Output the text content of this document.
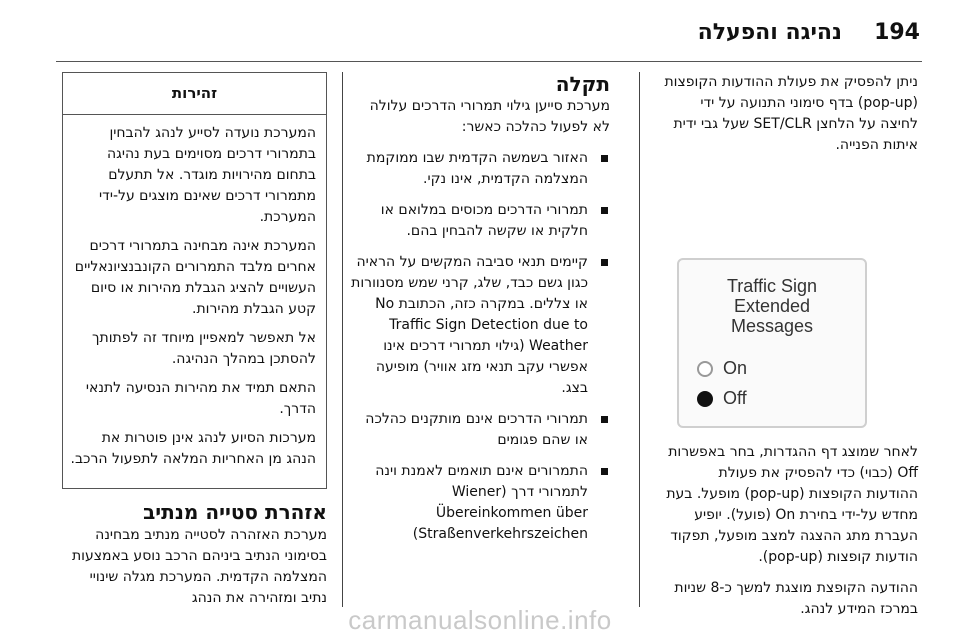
194
נהיגה והפעלה
ניתן להפסיק את פעולת ההודעות הקופצות (pop-up) בדף סימוני התנועה על ידי לחיצה על הלחצן SET/CLR שעל גבי ידית איתות הפנייה.
Traffic Sign
Extended
Messages
On
Off
לאחר שמוצג דף ההגדרות, בחר באפשרות Off (כבוי) כדי להפסיק את פעולת ההודעות הקופצות (pop-up) מופעל. בעת מחדש על-ידי בחירת On (פועל). יופיע העברת מתג ההצגה למצב מופעל, תפקוד הודעות קופצות (pop-up).
ההודעה הקופצת מוצגת למשך כ-8 שניות במרכז המידע לנהג.
תקלה
מערכת סייען גילוי תמרורי הדרכים עלולה לא לפעול כהלכה כאשר:
האזור בשמשה הקדמית שבו ממוקמת המצלמה הקדמית, אינו נקי.
תמרורי הדרכים מכוסים במלואם או חלקית או שקשה להבחין בהם.
קיימים תנאי סביבה המקשים על הראיה כגון גשם כבד, שלג, קרני שמש מסנוורות או צללים. במקרה כזה, הכתובת No Traffic Sign Detection due to Weather (גילוי תמרורי דרכים אינו אפשרי עקב תנאי מזג אוויר) מופיעה בצג.
תמרורי הדרכים אינם מותקנים כהלכה או שהם פגומים
התמרורים אינם תואמים לאמנת וינה לתמרורי דרך (Wiener Übereinkommen über Straßenverkehrszeichen)
זהירות
המערכת נועדה לסייע לנהג להבחין בתמרורי דרכים מסוימים בעת נהיגה בתחום מהירויות מוגדר. אל תתעלם מתמרורי דרכים שאינם מוצגים על-ידי המערכת.
המערכת אינה מבחינה בתמרורי דרכים אחרים מלבד התמרורים הקונבנציונאליים העשויים להציג הגבלת מהירות או סיום קטע הגבלת מהירות.
אל תאפשר למאפיין מיוחד זה לפתותך להסתכן במהלך הנהיגה.
התאם תמיד את מהירות הנסיעה לתנאי הדרך.
מערכות הסיוע לנהג אינן פוטרות את הנהג מן האחריות המלאה לתפעול הרכב.
אזהרת סטייה מנתיב
מערכת האזהרה לסטייה מנתיב מבחינה בסימוני הנתיב ביניהם הרכב נוסע באמצעות המצלמה הקדמית. המערכת מגלה שינויי נתיב ומזהירה את הנהג
carmanualsonline.info
